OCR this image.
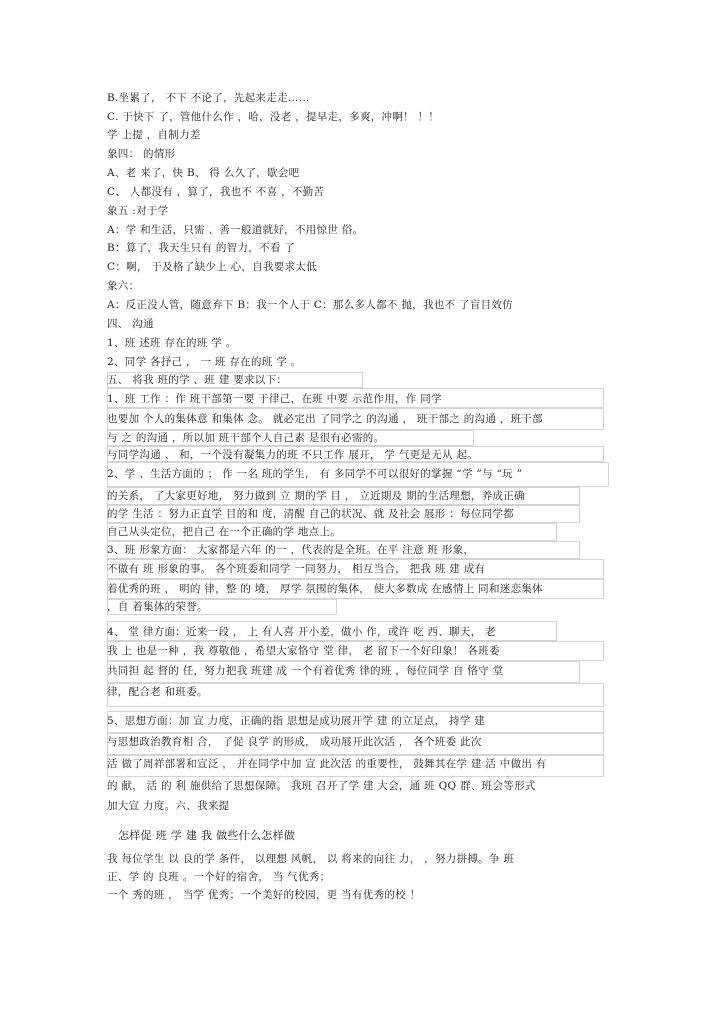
B.坐累了， 不下 不论了，先起来走走……
C. 于快下 了，管他什么作 ，哈，没老 ，提早走，多爽，冲啊！ ！！
学 上提 ，自制力差
象四： 的情形
A、老 来了，快 B、 得 么久了，歇会吧
C、 人都没有 ，算了，我也不 不喜 ，不勤苦
象五 :对于学
A：学 和生活，只需 、善一般道就好，不用惊世 俗。
B：算了，我天生只有 的智力，不看 了
C：啊， 于及格了缺少上 心，自我要求太低
象六：
A：反正没人管，随意弃下 B：我一个人于 C：那么多人都不 抛，我也不 了盲目效仿
四、 沟通
1、班 述班 存在的班 学 。
2、同学 各抒己 ， 一 班 存在的班 学 。
五、 将我 班的学 、班 建 要求以下：
1、班 工作 ：作 班干部第一要 于律己，在班 中要 示范作用，作 同学
也要加 个人的集体意 和集体 念。 就必定出 了同学之 的沟通 ， 班干部之 的沟通 ，班干部
与 之 的沟通 ，所以加 班干部个人自己素 是很有必需的。
与同学沟通 、 和，一个没有凝集力的班 不只工作 展开， 学 气更是无从 起。
2、学 、生活方面的 ； 作 一名 班的学生， 有 多同学不可以很好的掌握 “学 ”与 “玩 ”
的关系， 了大家更好地， 努力做到 立 期的学 目 ， 立近期及 期的生活理想，养成正确
的学 生活 ：努力正直学 目的和 度，清醒 自己的状况、就 及社会 展形 ：每位同学都
自己从头定位，把自己 在一个正确的学 地点上。
3、班 形象方面： 大家都是六年 的一 ，代表的是全班。在平 注意 班 形象，
不做有 班 形象的事。 各个班委和同学 一同努力， 相互当合， 把我 班 建 成有
着优秀的班 ， 明的 律，整 的 境， 厚学 氛围的集体， 使大多数成 在感情上 同和迷恋集体
，自 着集体的荣誉。
4、 堂 律方面：近来一段 ， 上 有人喜 开小差，做小 作，或许 吃 西、聊天， 老
我 上 也是一种 ，我 尊敬他 ，希望大家恪守 堂 律， 老 留下一个好印象！ 各班委
共同担 起 督的 任，努力把我 班建 成 一个有着优秀 律的班 ，每位同学 自 恪守 堂
律，配合老 和班委。
5、思想方面：加 宣 力度，正确的指 思想是成功展开学 建 的立足点， 持学 建
与思想政治教育相 合， 了促 良学 的形成， 成功展开此次活 ， 各个班委 此次
活 做了周祥部署和宣泛 ， 并在同学中加 宣 此次活 的重要性， 鼓舞其在学 建 活 中做出 有
的 献， 活 的 利 施供给了思想保障。 我班 召开了学 建 大会，通 班 QQ 群、班会等形式
加大宣 力度。六、我来提
怎样促 班 学 建 我 做些什么怎样做
我 每位学生 以 良的学 条件， 以理想 风帆， 以 将来的向往 力， ，努力拼搏。争 班
正、学 的 良班 。一个好的宿舍， 当 气优秀；
一个 秀的班 ， 当学 优秀；一个美好的校园，更 当有优秀的校 ！
